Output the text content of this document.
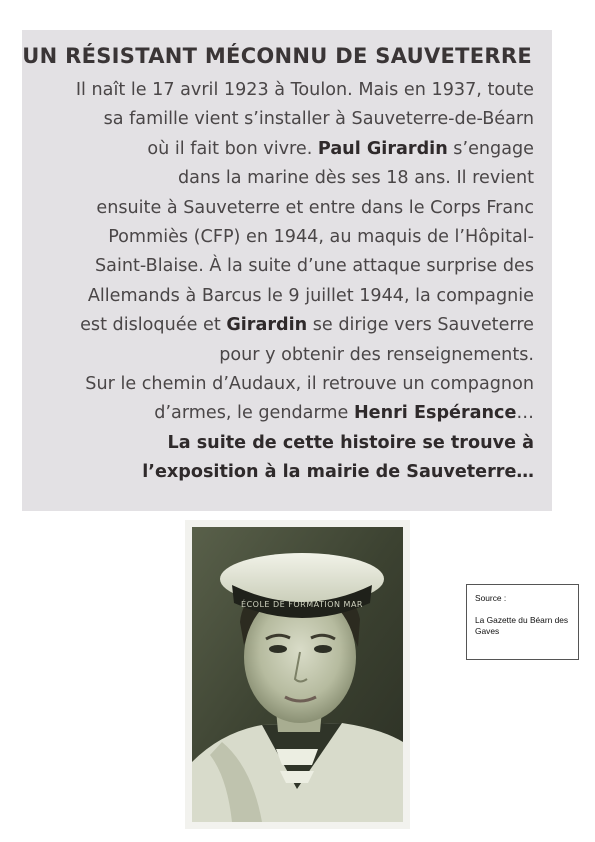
UN RÉSISTANT MÉCONNU DE SAUVETERRE
Il naît le 17 avril 1923 à Toulon. Mais en 1937, toute
sa famille vient s’installer à Sauveterre-de-Béarn
où il fait bon vivre. Paul Girardin s’engage
dans la marine dès ses 18 ans. Il revient
ensuite à Sauveterre et entre dans le Corps Franc
Pommiès (CFP) en 1944, au maquis de l’Hôpital-
Saint-Blaise. À la suite d’une attaque surprise des
Allemands à Barcus le 9 juillet 1944, la compagnie
est disloquée et Girardin se dirige vers Sauveterre
pour y obtenir des renseignements.
Sur le chemin d’Audaux, il retrouve un compagnon
d’armes, le gendarme Henri Espérance…
La suite de cette histoire se trouve à
l’exposition à la mairie de Sauveterre…
ÉCOLE DE FORMATION MAR
Source :
La Gazette du Béarn des Gaves
